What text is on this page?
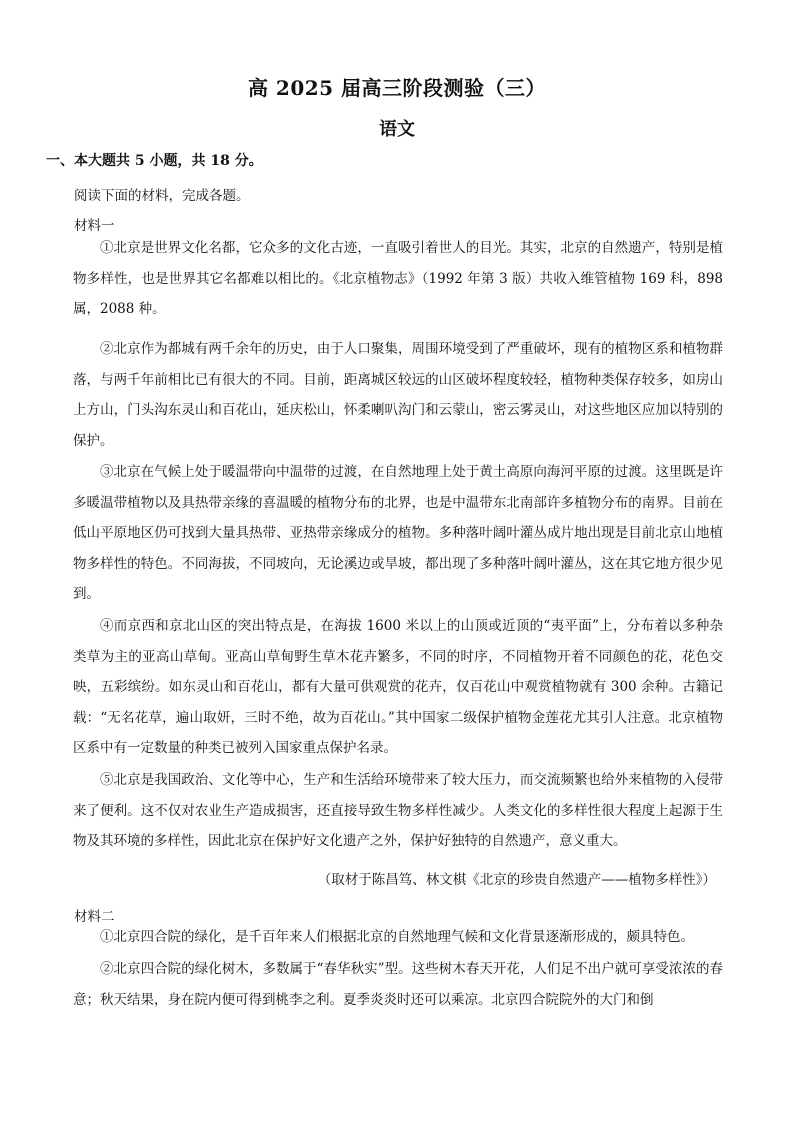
高 2025 届高三阶段测验（三）
语文
一、本大题共 5 小题，共 18 分。
阅读下面的材料，完成各题。
材料一

①北京是世界文化名都，它众多的文化古迹，一直吸引着世人的目光。其实，北京的自然遗产，特别是植物多样性，也是世界其它名都难以相比的。《北京植物志》（1992 年第 3 版）共收入维管植物 169 科，898 属，2088 种。

②北京作为都城有两千余年的历史，由于人口聚集，周围环境受到了严重破坏，现有的植物区系和植物群落，与两千年前相比已有很大的不同。目前，距离城区较远的山区破坏程度较轻，植物种类保存较多，如房山上方山，门头沟东灵山和百花山，延庆松山，怀柔喇叭沟门和云蒙山，密云雾灵山，对这些地区应加以特别的保护。

③北京在气候上处于暖温带向中温带的过渡，在自然地理上处于黄土高原向海河平原的过渡。这里既是许多暖温带植物以及具热带亲缘的喜温暖的植物分布的北界，也是中温带东北南部许多植物分布的南界。目前在低山平原地区仍可找到大量具热带、亚热带亲缘成分的植物。多种落叶阔叶灌丛成片地出现是目前北京山地植物多样性的特色。不同海拔，不同坡向，无论溪边或旱坡，都出现了多种落叶阔叶灌丛，这在其它地方很少见到。

④而京西和京北山区的突出特点是，在海拔 1600 米以上的山顶或近顶的“夷平面”上，分布着以多种杂类草为主的亚高山草甸。亚高山草甸野生草木花卉繁多，不同的时序，不同植物开着不同颜色的花，花色交映，五彩缤纷。如东灵山和百花山，都有大量可供观赏的花卉，仅百花山中观赏植物就有 300 余种。古籍记载：“无名花草，遍山取妍，三时不绝，故为百花山。”其中国家二级保护植物金莲花尤其引人注意。北京植物区系中有一定数量的种类已被列入国家重点保护名录。

⑤北京是我国政治、文化等中心，生产和生活给环境带来了较大压力，而交流频繁也给外来植物的入侵带来了便利。这不仅对农业生产造成损害，还直接导致生物多样性减少。人类文化的多样性很大程度上起源于生物及其环境的多样性，因此北京在保护好文化遗产之外，保护好独特的自然遗产，意义重大。

（取材于陈昌笃、林文棋《北京的珍贵自然遗产——植物多样性》）
材料二

①北京四合院的绿化，是千百年来人们根据北京的自然地理气候和文化背景逐渐形成的，颇具特色。

②北京四合院的绿化树木，多数属于“春华秋实”型。这些树木春天开花，人们足不出户就可享受浓浓的春意；秋天结果，身在院内便可得到桃李之利。夏季炎炎时还可以乘凉。北京四合院院外的大门和倒
